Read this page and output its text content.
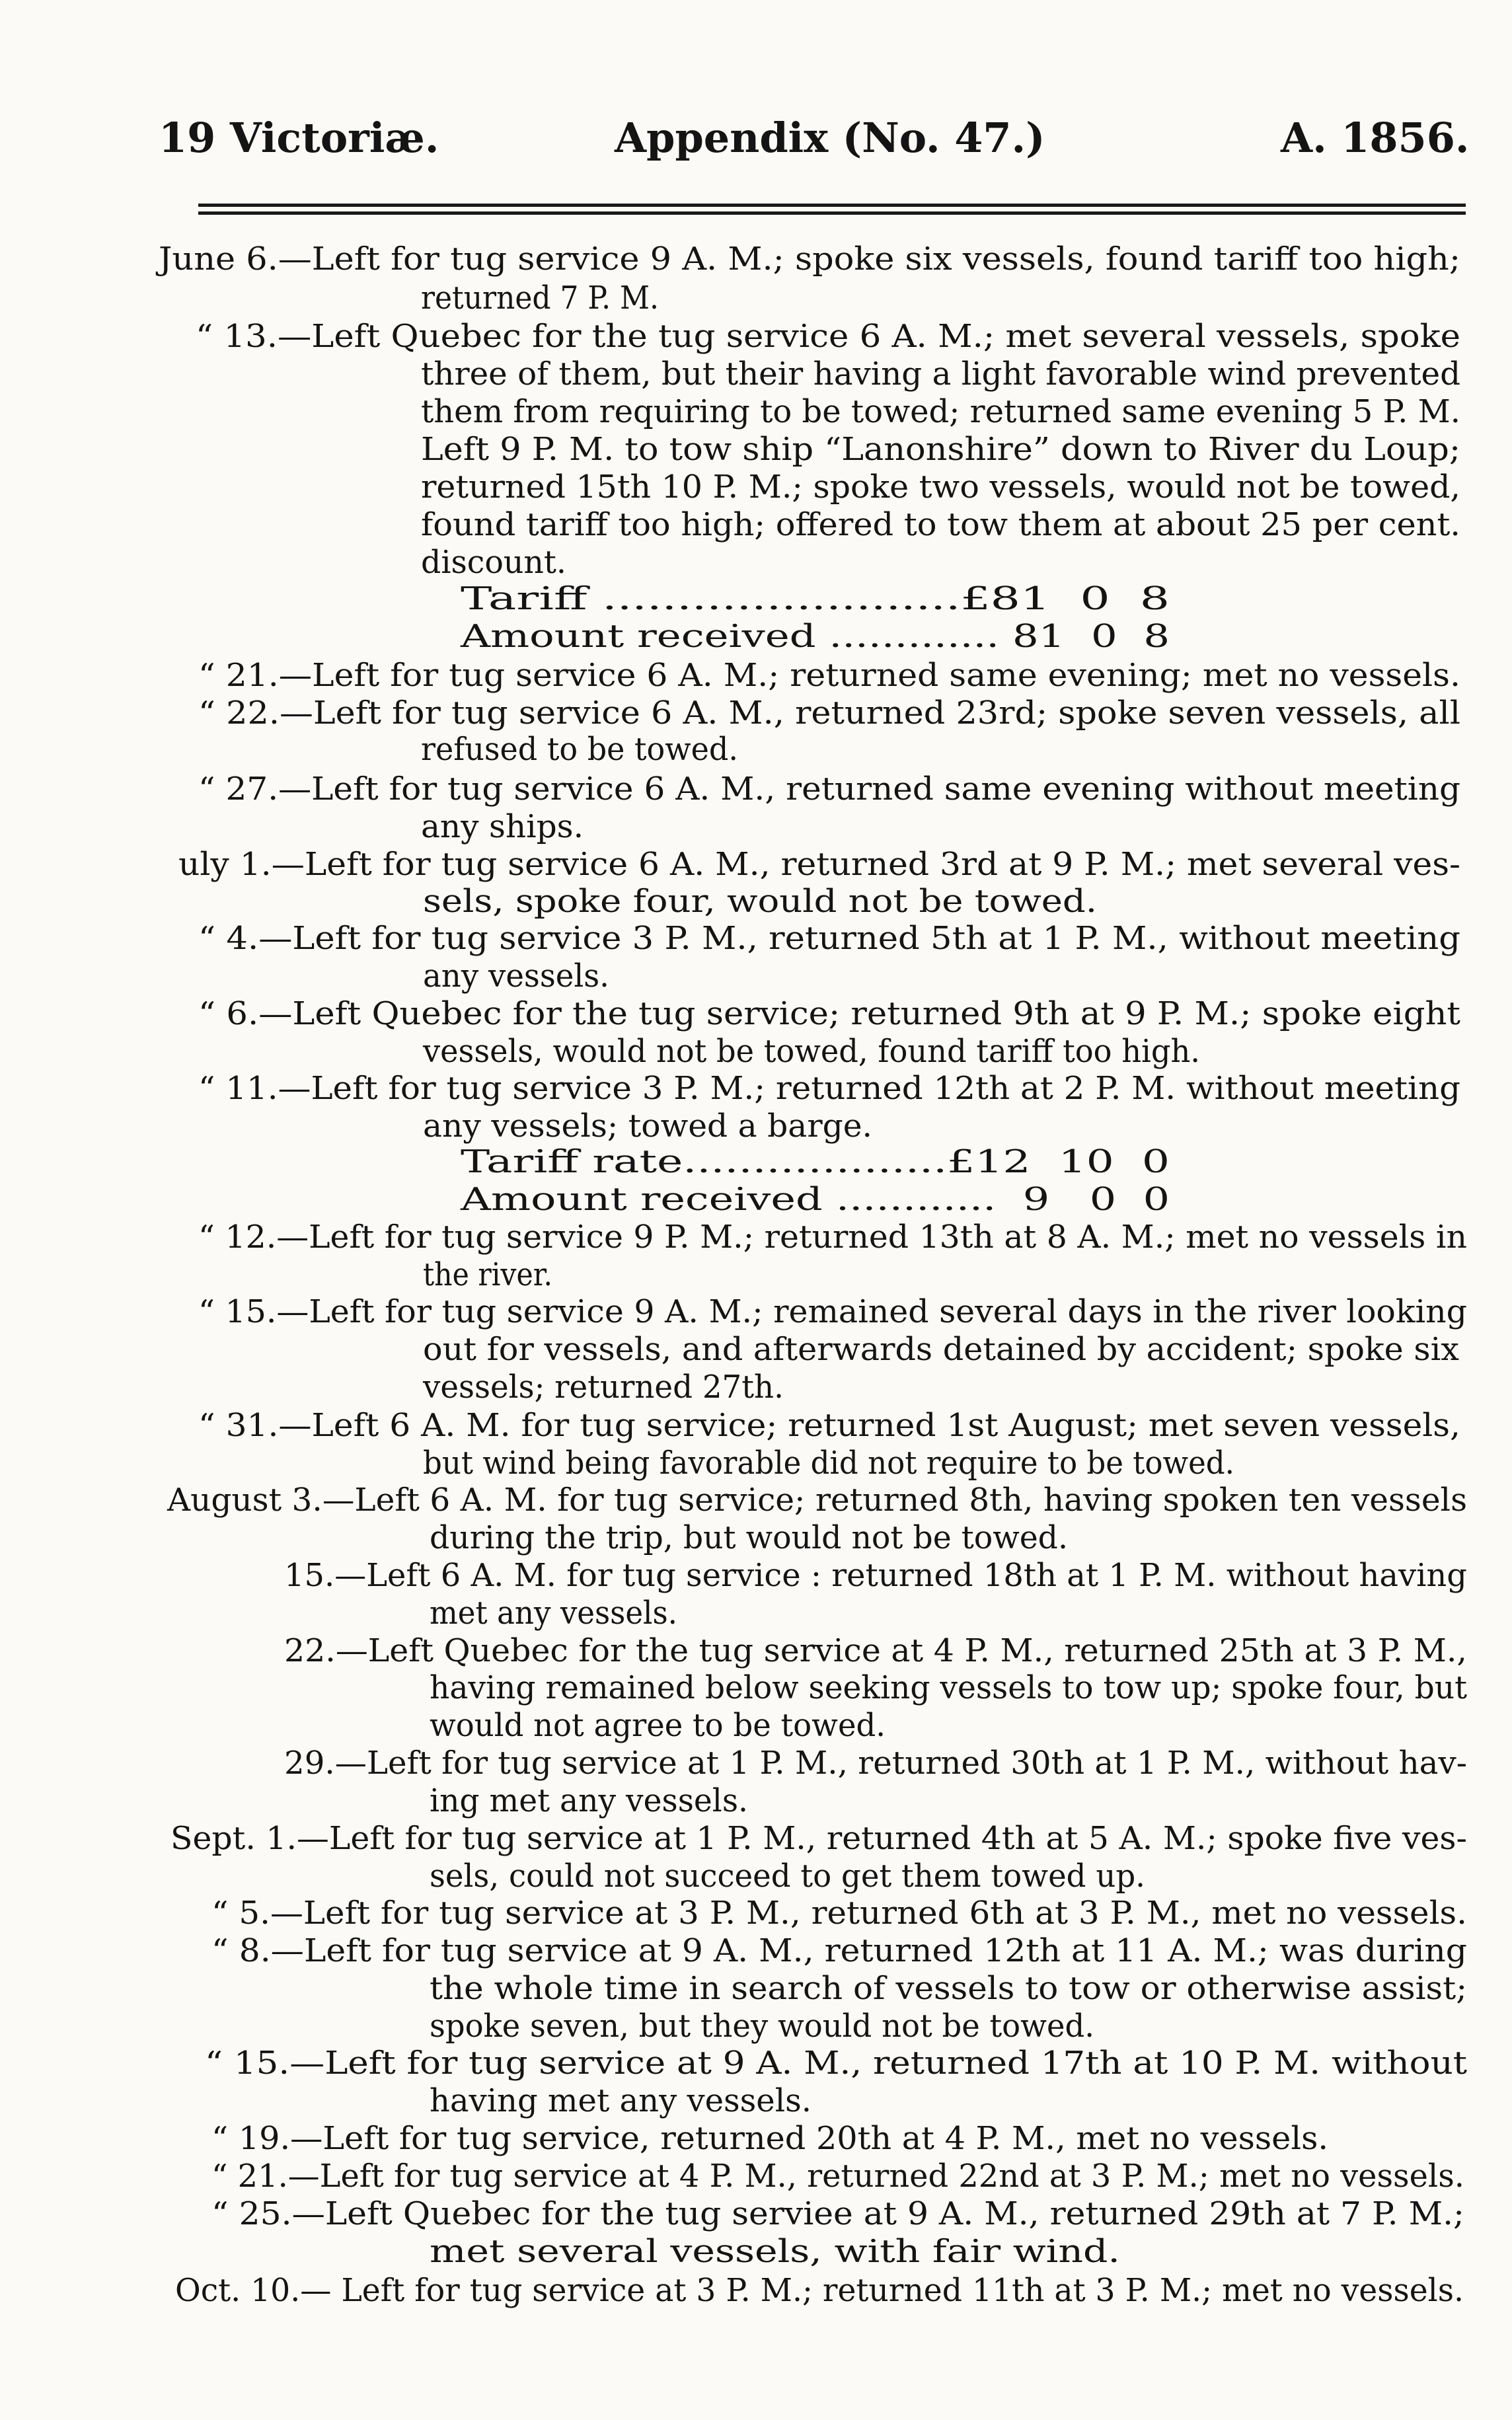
19 Victoriæ.	Appendix (No. 47.)	A. 1856.
June 6.—Left for tug service 9 A. M.; spoke six vessels, found tariff too high;
returned 7 P. M.
“ 13.—Left Quebec for the tug service 6 A. M.; met several vessels, spoke
three of them, but their having a light favorable wind prevented
them from requiring to be towed; returned same evening 5 P. M.
Left 9 P. M. to tow ship “Lanonshire” down to River du Loup;
returned 15th 10 P. M.; spoke two vessels, would not be towed,
found tariff too high; offered to tow them at about 25 per cent.
discount.
Tariff ........................£81  0  8
Amount received ............. 81  0  8
“ 21.—Left for tug service 6 A. M.; returned same evening; met no vessels.
“ 22.—Left for tug service 6 A. M., returned 23rd; spoke seven vessels, all
refused to be towed.
“ 27.—Left for tug service 6 A. M., returned same evening without meeting
any ships.
uly 1.—Left for tug service 6 A. M., returned 3rd at 9 P. M.; met several ves-
sels, spoke four, would not be towed.
“ 4.—Left for tug service 3 P. M., returned 5th at 1 P. M., without meeting
any vessels.
“ 6.—Left Quebec for the tug service; returned 9th at 9 P. M.; spoke eight
vessels, would not be towed, found tariff too high.
“ 11.—Left for tug service 3 P. M.; returned 12th at 2 P. M. without meeting
any vessels; towed a barge.
Tariff rate...................£12  10  0
Amount received ............  9   0  0
“ 12.—Left for tug service 9 P. M.; returned 13th at 8 A. M.; met no vessels in
the river.
“ 15.—Left for tug service 9 A. M.; remained several days in the river looking
out for vessels, and afterwards detained by accident; spoke six
vessels; returned 27th.
“ 31.—Left 6 A. M. for tug service; returned 1st August; met seven vessels,
but wind being favorable did not require to be towed.
August 3.—Left 6 A. M. for tug service; returned 8th, having spoken ten vessels
during the trip, but would not be towed.
15.—Left 6 A. M. for tug service : returned 18th at 1 P. M. without having
met any vessels.
22.—Left Quebec for the tug service at 4 P. M., returned 25th at 3 P. M.,
having remained below seeking vessels to tow up; spoke four, but
would not agree to be towed.
29.—Left for tug service at 1 P. M., returned 30th at 1 P. M., without hav-
ing met any vessels.
Sept. 1.—Left for tug service at 1 P. M., returned 4th at 5 A. M.; spoke five ves-
sels, could not succeed to get them towed up.
“ 5.—Left for tug service at 3 P. M., returned 6th at 3 P. M., met no vessels.
“ 8.—Left for tug service at 9 A. M., returned 12th at 11 A. M.; was during
the whole time in search of vessels to tow or otherwise assist;
spoke seven, but they would not be towed.
“ 15.—Left for tug service at 9 A. M., returned 17th at 10 P. M. without
having met any vessels.
“ 19.—Left for tug service, returned 20th at 4 P. M., met no vessels.
“ 21.—Left for tug service at 4 P. M., returned 22nd at 3 P. M.; met no vessels.
“ 25.—Left Quebec for the tug serviee at 9 A. M., returned 29th at 7 P. M.;
met several vessels, with fair wind.
Oct. 10.— Left for tug service at 3 P. M.; returned 11th at 3 P. M.; met no vessels.
